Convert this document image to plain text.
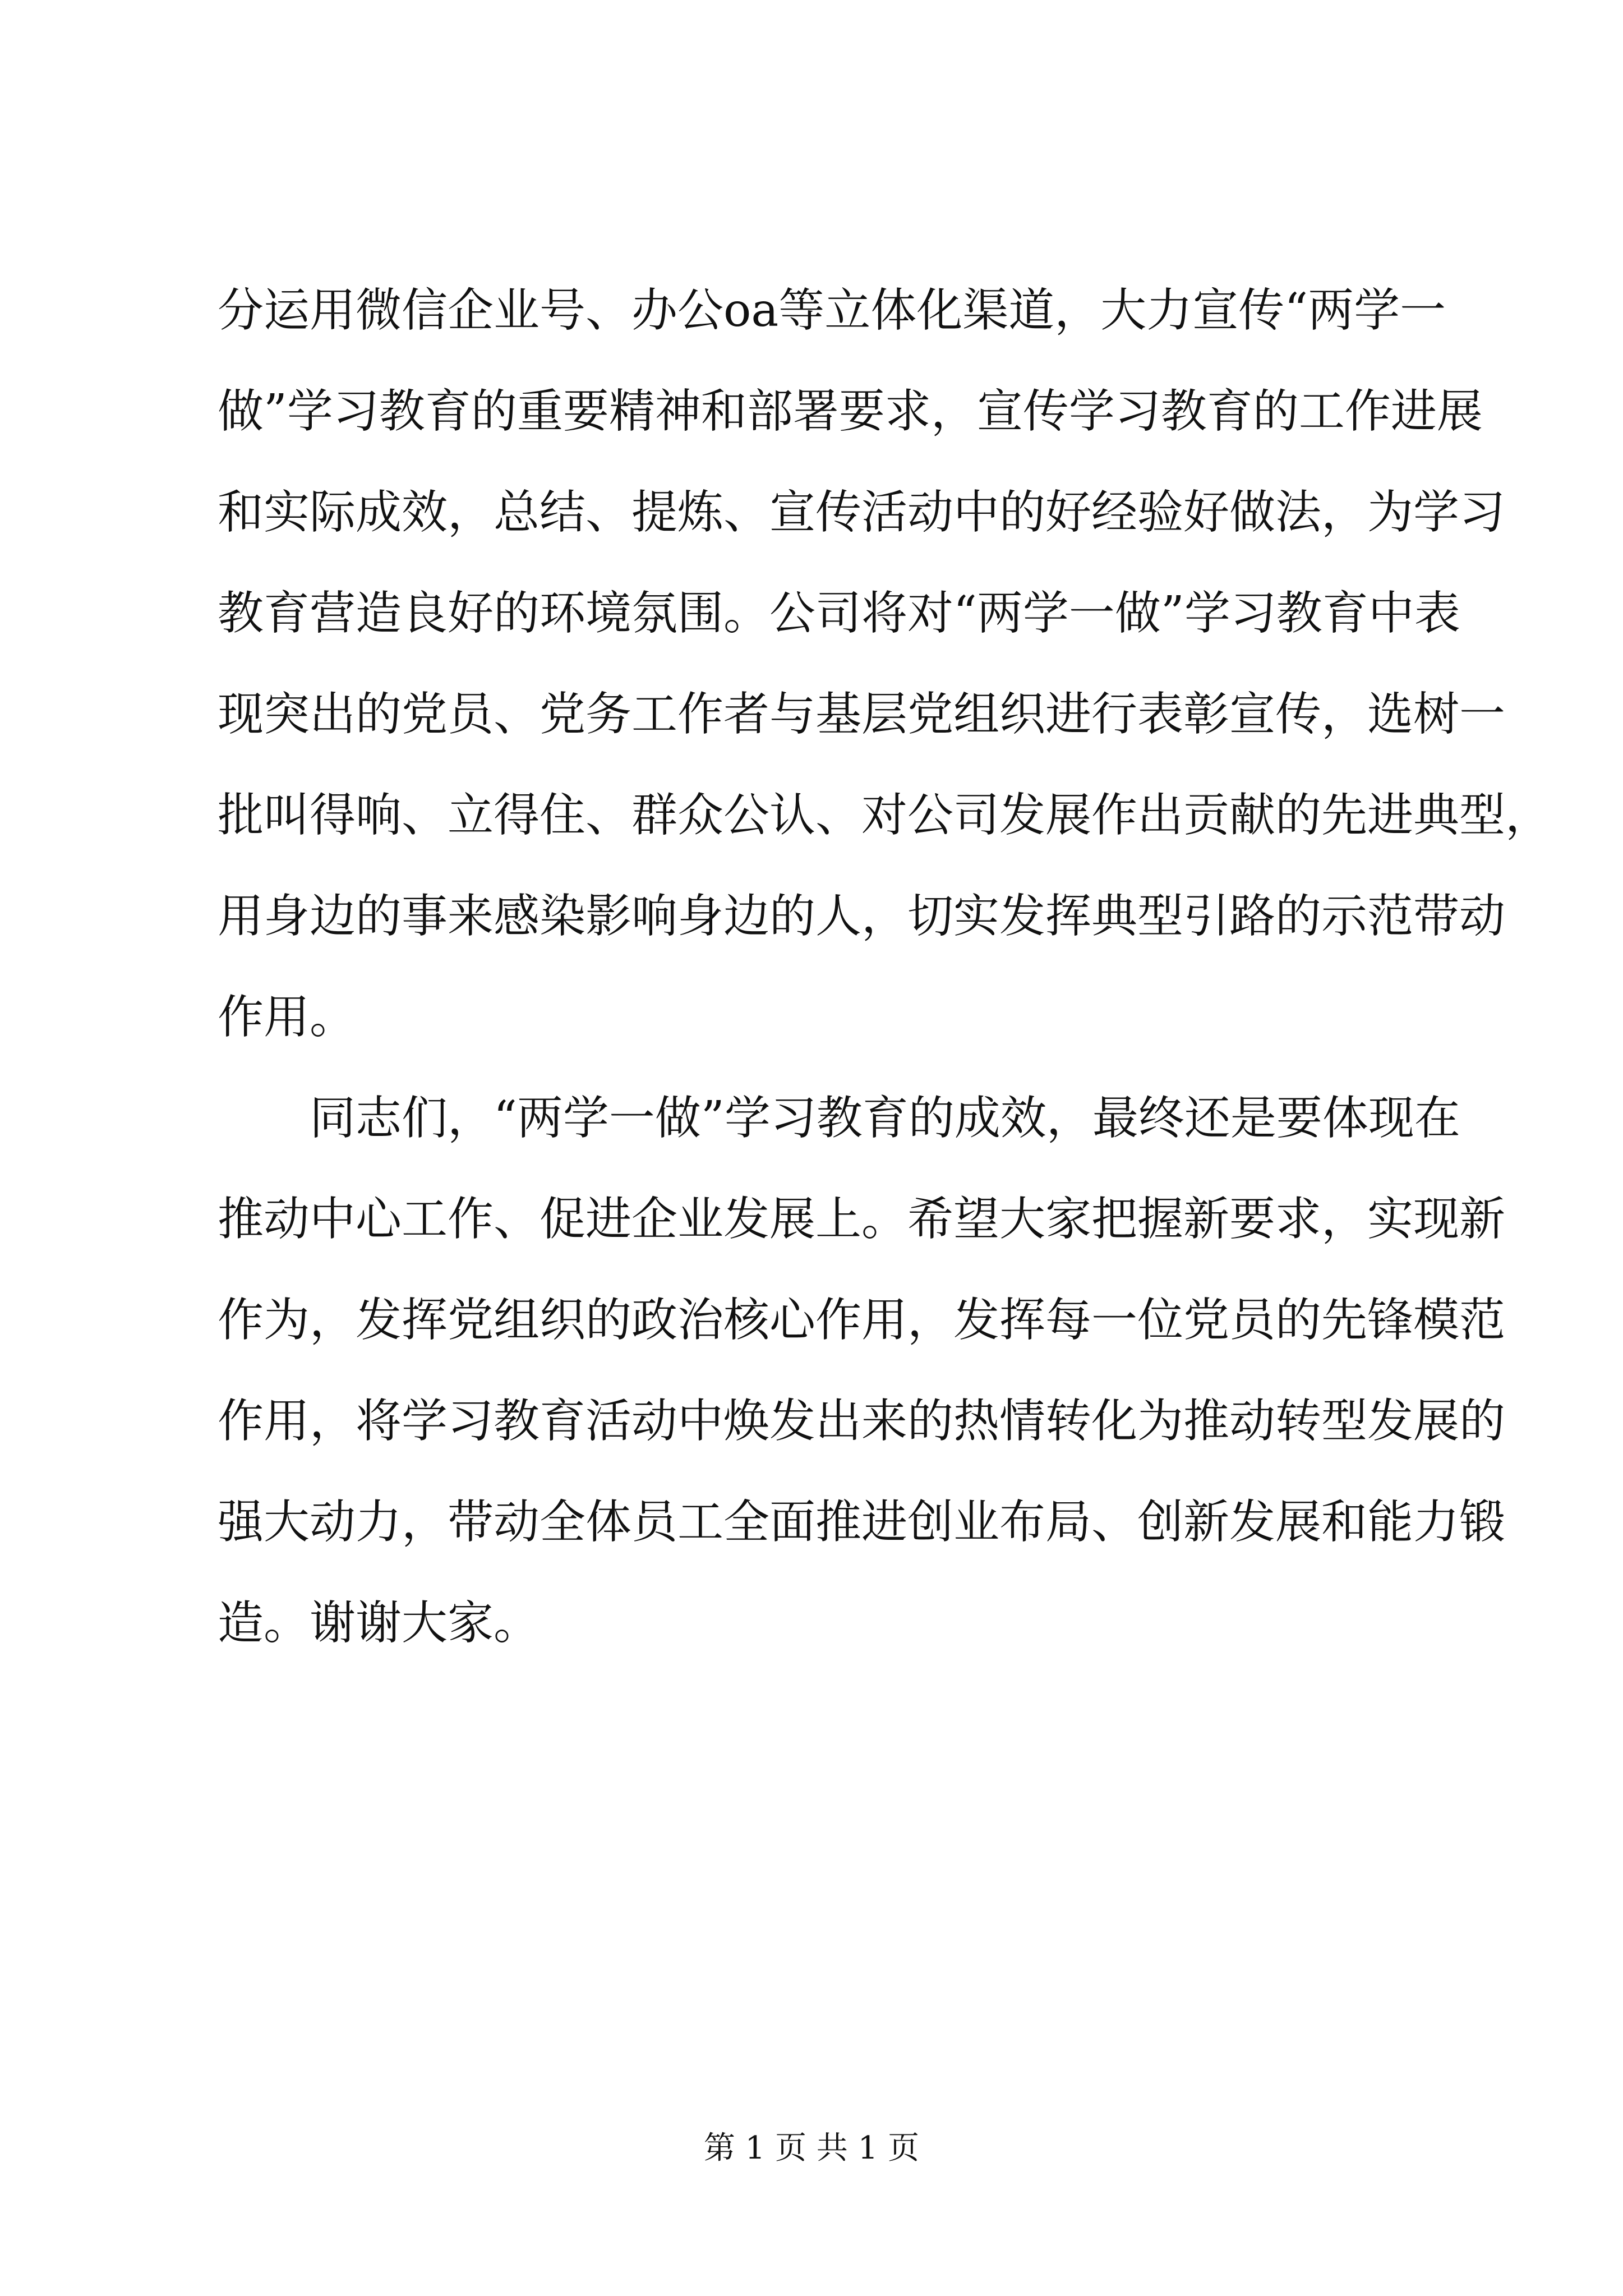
分运用微信企业号、办公oa等立体化渠道，大力宣传“两学一
做”学习教育的重要精神和部署要求，宣传学习教育的工作进展
和实际成效，总结、提炼、宣传活动中的好经验好做法，为学习
教育营造良好的环境氛围。公司将对“两学一做”学习教育中表
现突出的党员、党务工作者与基层党组织进行表彰宣传，选树一
批叫得响、立得住、群众公认、对公司发展作出贡献的先进典型，
用身边的事来感染影响身边的人，切实发挥典型引路的示范带动
作用。
同志们，“两学一做”学习教育的成效，最终还是要体现在
推动中心工作、促进企业发展上。希望大家把握新要求，实现新
作为，发挥党组织的政治核心作用，发挥每一位党员的先锋模范
作用，将学习教育活动中焕发出来的热情转化为推动转型发展的
强大动力，带动全体员工全面推进创业布局、创新发展和能力锻
造。谢谢大家。
第 1 页 共 1 页
